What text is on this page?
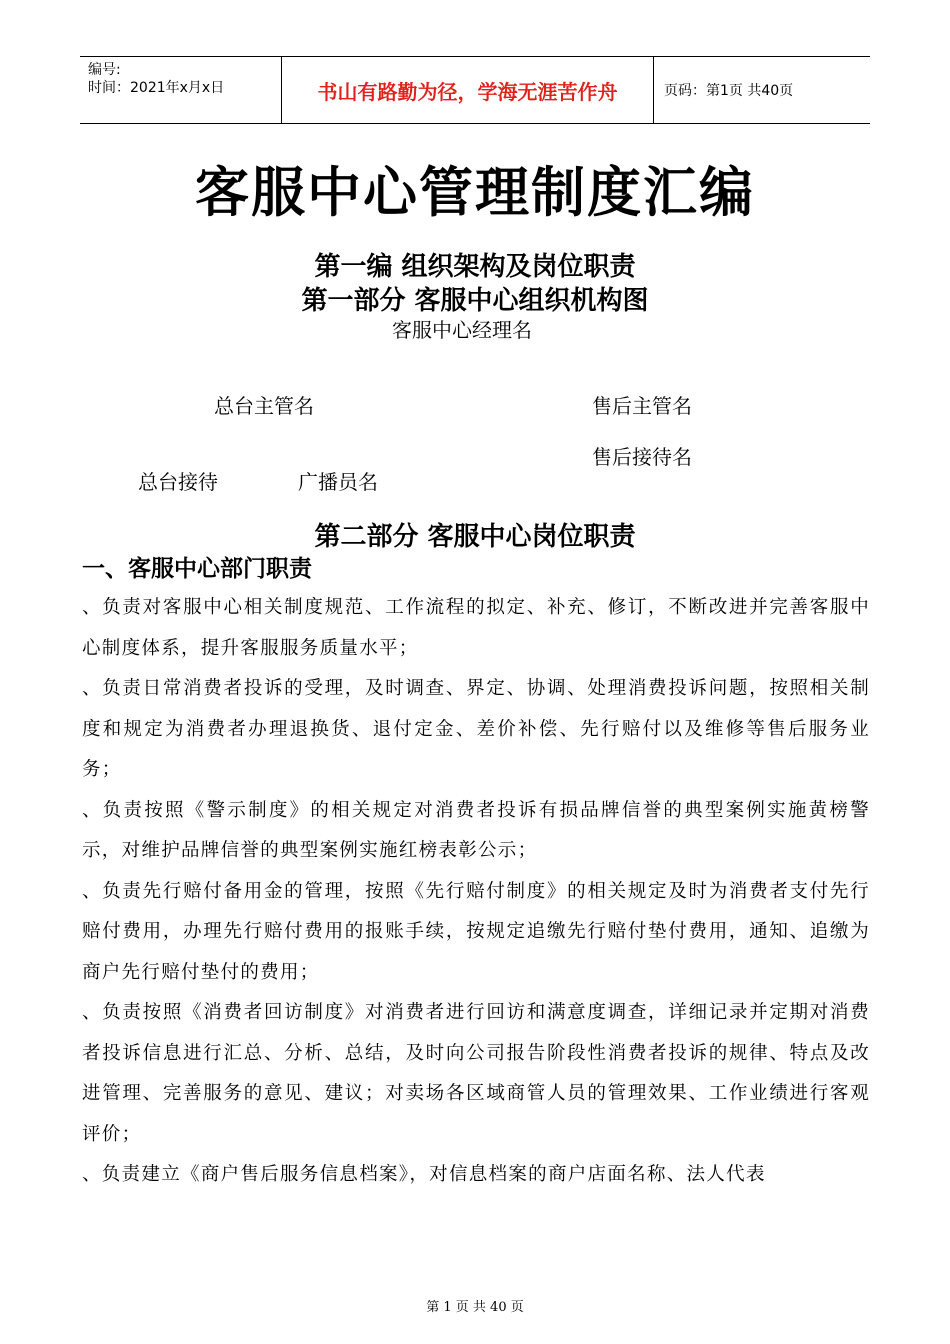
编号:
时间：2021年x月x日	书山有路勤为径，学海无涯苦作舟	页码：第1页 共40页
客服中心管理制度汇编
第一编 组织架构及岗位职责
第一部分 客服中心组织机构图
客服中心经理名
总台主管名	售后主管名
售后接待名
总台接待	广播员名
第二部分 客服中心岗位职责
一、客服中心部门职责

、负责对客服中心相关制度规范、工作流程的拟定、补充、修订，不断改进并完善客服中心制度体系，提升客服服务质量水平；

、负责日常消费者投诉的受理，及时调查、界定、协调、处理消费投诉问题，按照相关制度和规定为消费者办理退换货、退付定金、差价补偿、先行赔付以及维修等售后服务业务；

、负责按照《警示制度》的相关规定对消费者投诉有损品牌信誉的典型案例实施黄榜警示，对维护品牌信誉的典型案例实施红榜表彰公示；

、负责先行赔付备用金的管理，按照《先行赔付制度》的相关规定及时为消费者支付先行赔付费用，办理先行赔付费用的报账手续，按规定追缴先行赔付垫付费用，通知、追缴为商户先行赔付垫付的费用；

、负责按照《消费者回访制度》对消费者进行回访和满意度调查，详细记录并定期对消费者投诉信息进行汇总、分析、总结，及时向公司报告阶段性消费者投诉的规律、特点及改进管理、完善服务的意见、建议；对卖场各区域商管人员的管理效果、工作业绩进行客观评价；

、负责建立《商户售后服务信息档案》，对信息档案的商户店面名称、法人代表

第 1 页 共 40 页
